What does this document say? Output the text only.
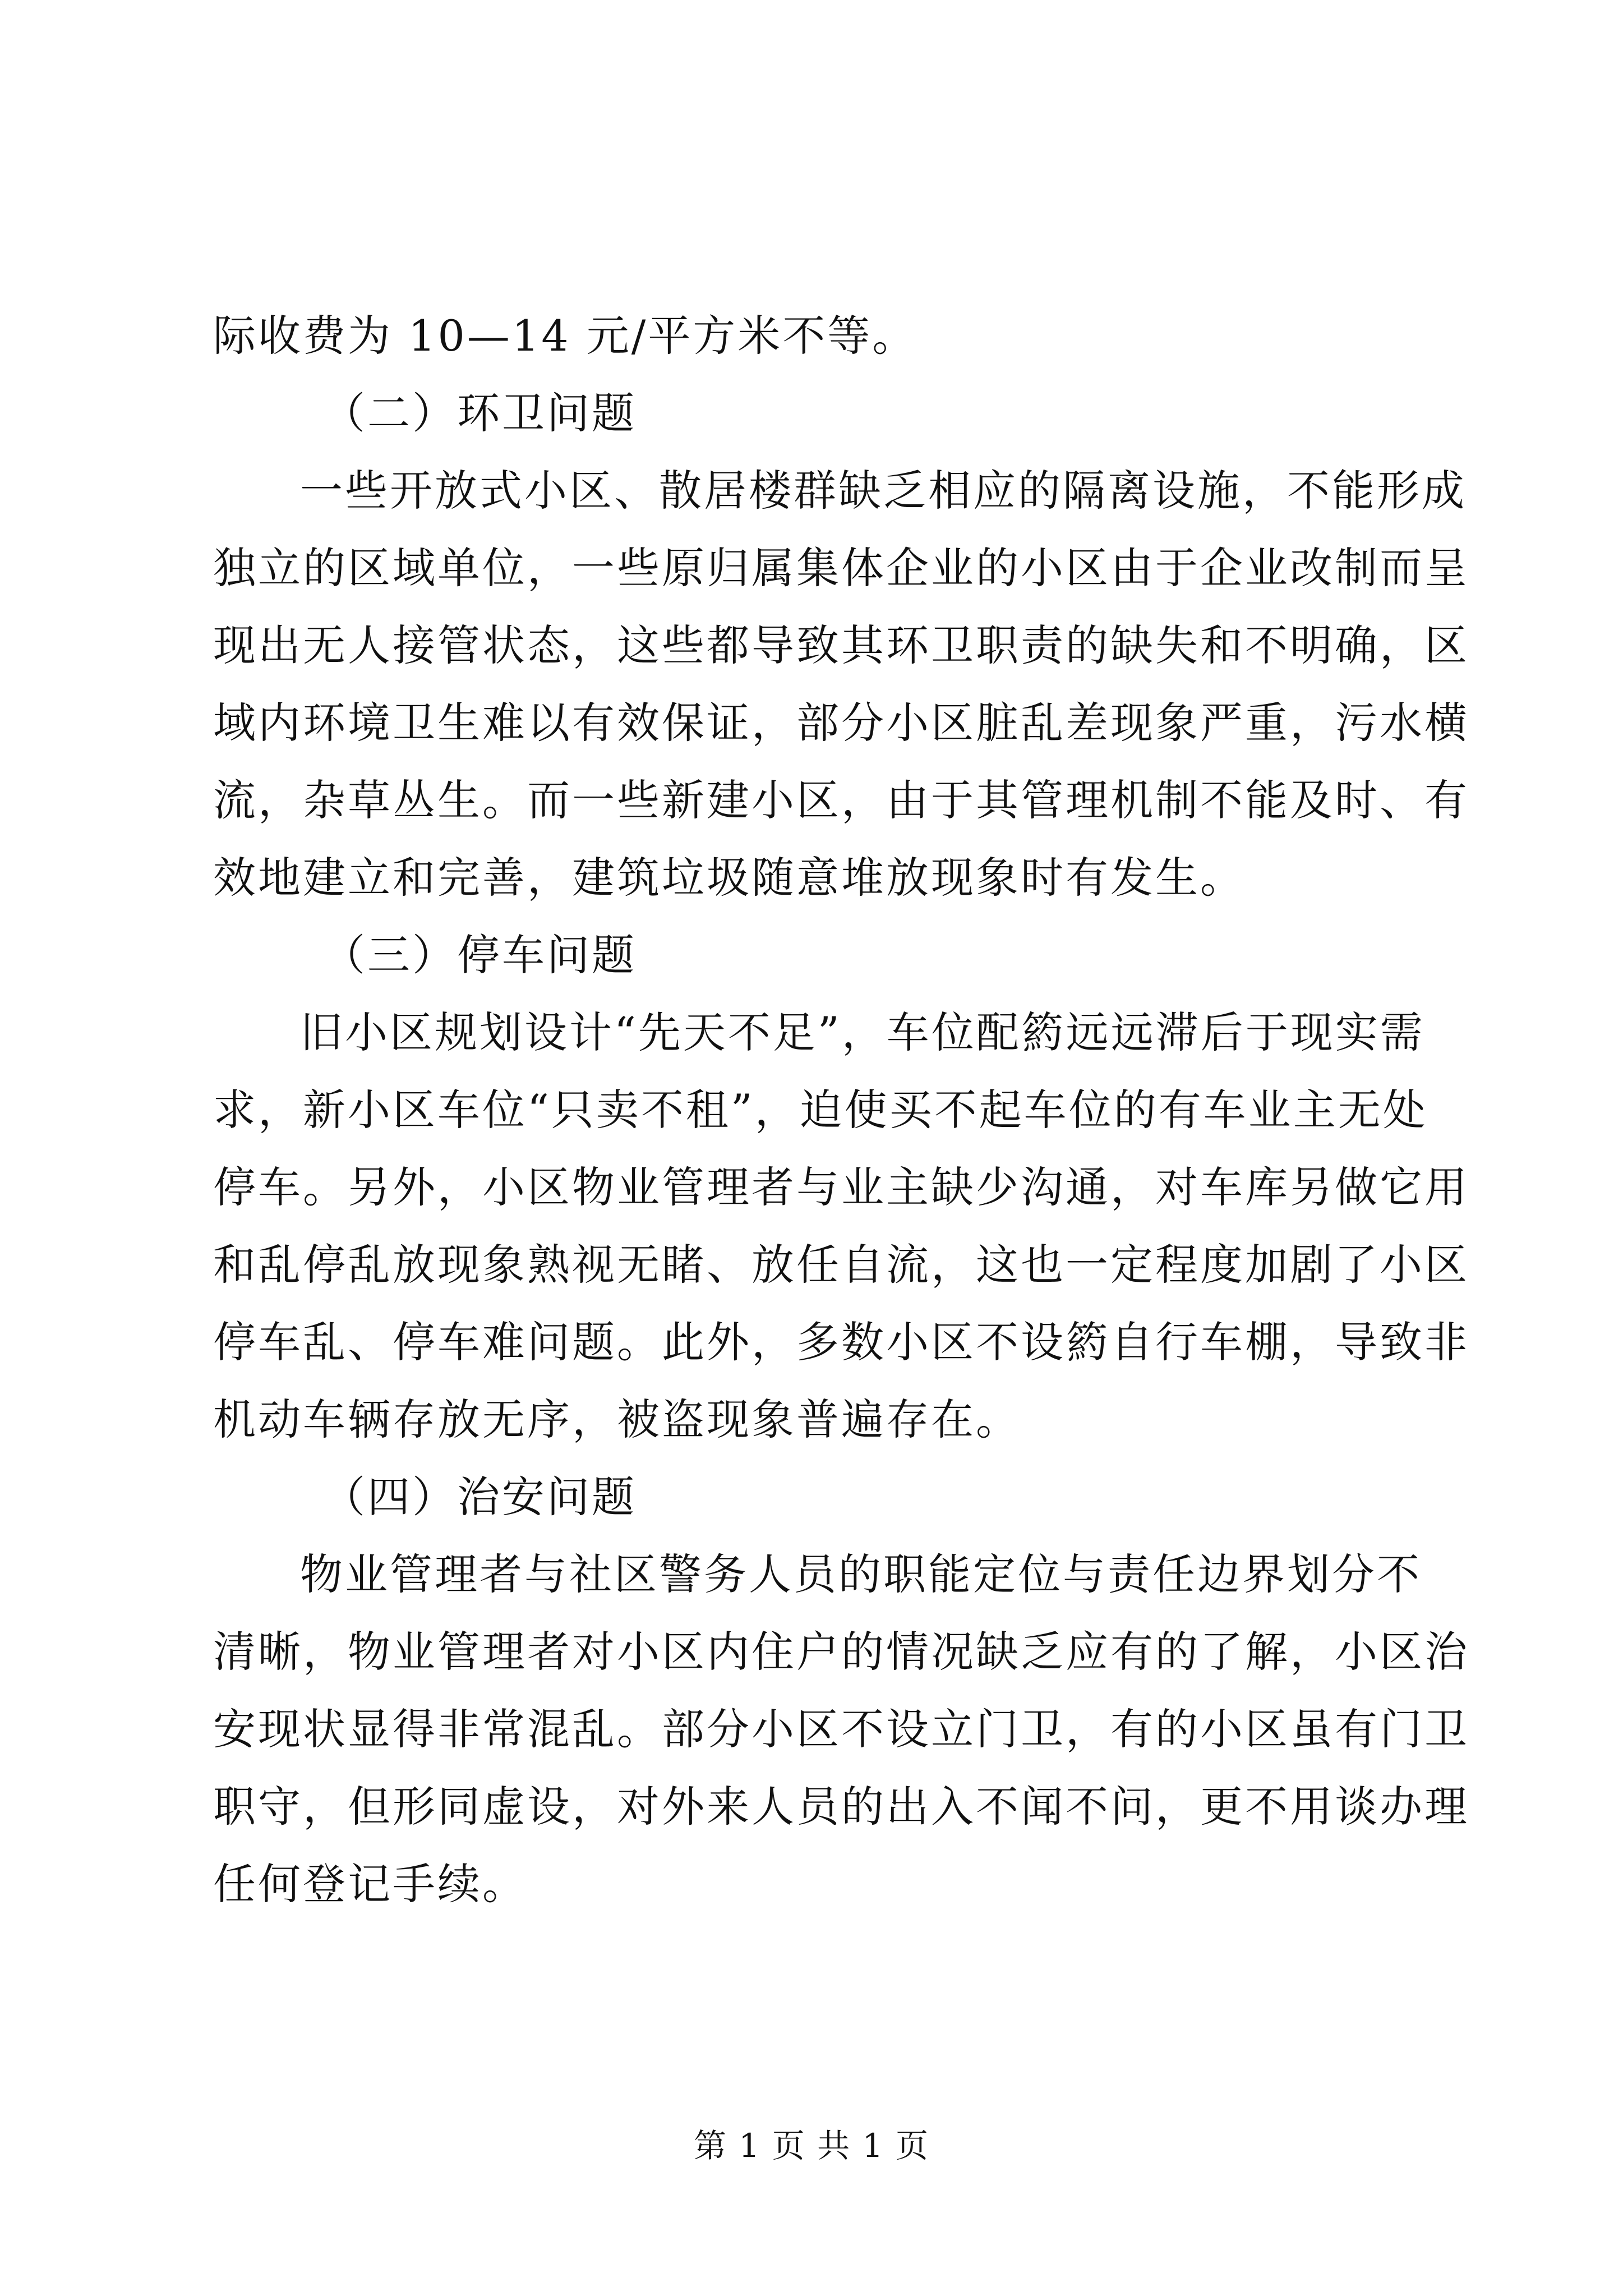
际收费为 10—14 元/平方米不等。
（二）环卫问题
一些开放式小区、散居楼群缺乏相应的隔离设施，不能形成
独立的区域单位，一些原归属集体企业的小区由于企业改制而呈
现出无人接管状态，这些都导致其环卫职责的缺失和不明确，区
域内环境卫生难以有效保证，部分小区脏乱差现象严重，污水横
流，杂草丛生。而一些新建小区，由于其管理机制不能及时、有
效地建立和完善，建筑垃圾随意堆放现象时有发生。
（三）停车问题
旧小区规划设计“先天不足”，车位配箹远远滞后于现实需
求，新小区车位“只卖不租”，迫使买不起车位的有车业主无处
停车。另外，小区物业管理者与业主缺少沟通，对车库另做它用
和乱停乱放现象熟视无睹、放任自流，这也一定程度加剧了小区
停车乱、停车难问题。此外，多数小区不设箹自行车棚，导致非
机动车辆存放无序，被盗现象普遍存在。
（四）治安问题
物业管理者与社区警务人员的职能定位与责任边界划分不
清晰，物业管理者对小区内住户的情况缺乏应有的了解，小区治
安现状显得非常混乱。部分小区不设立门卫，有的小区虽有门卫
职守，但形同虚设，对外来人员的出入不闻不问，更不用谈办理
任何登记手续。
第 1 页 共 1 页
